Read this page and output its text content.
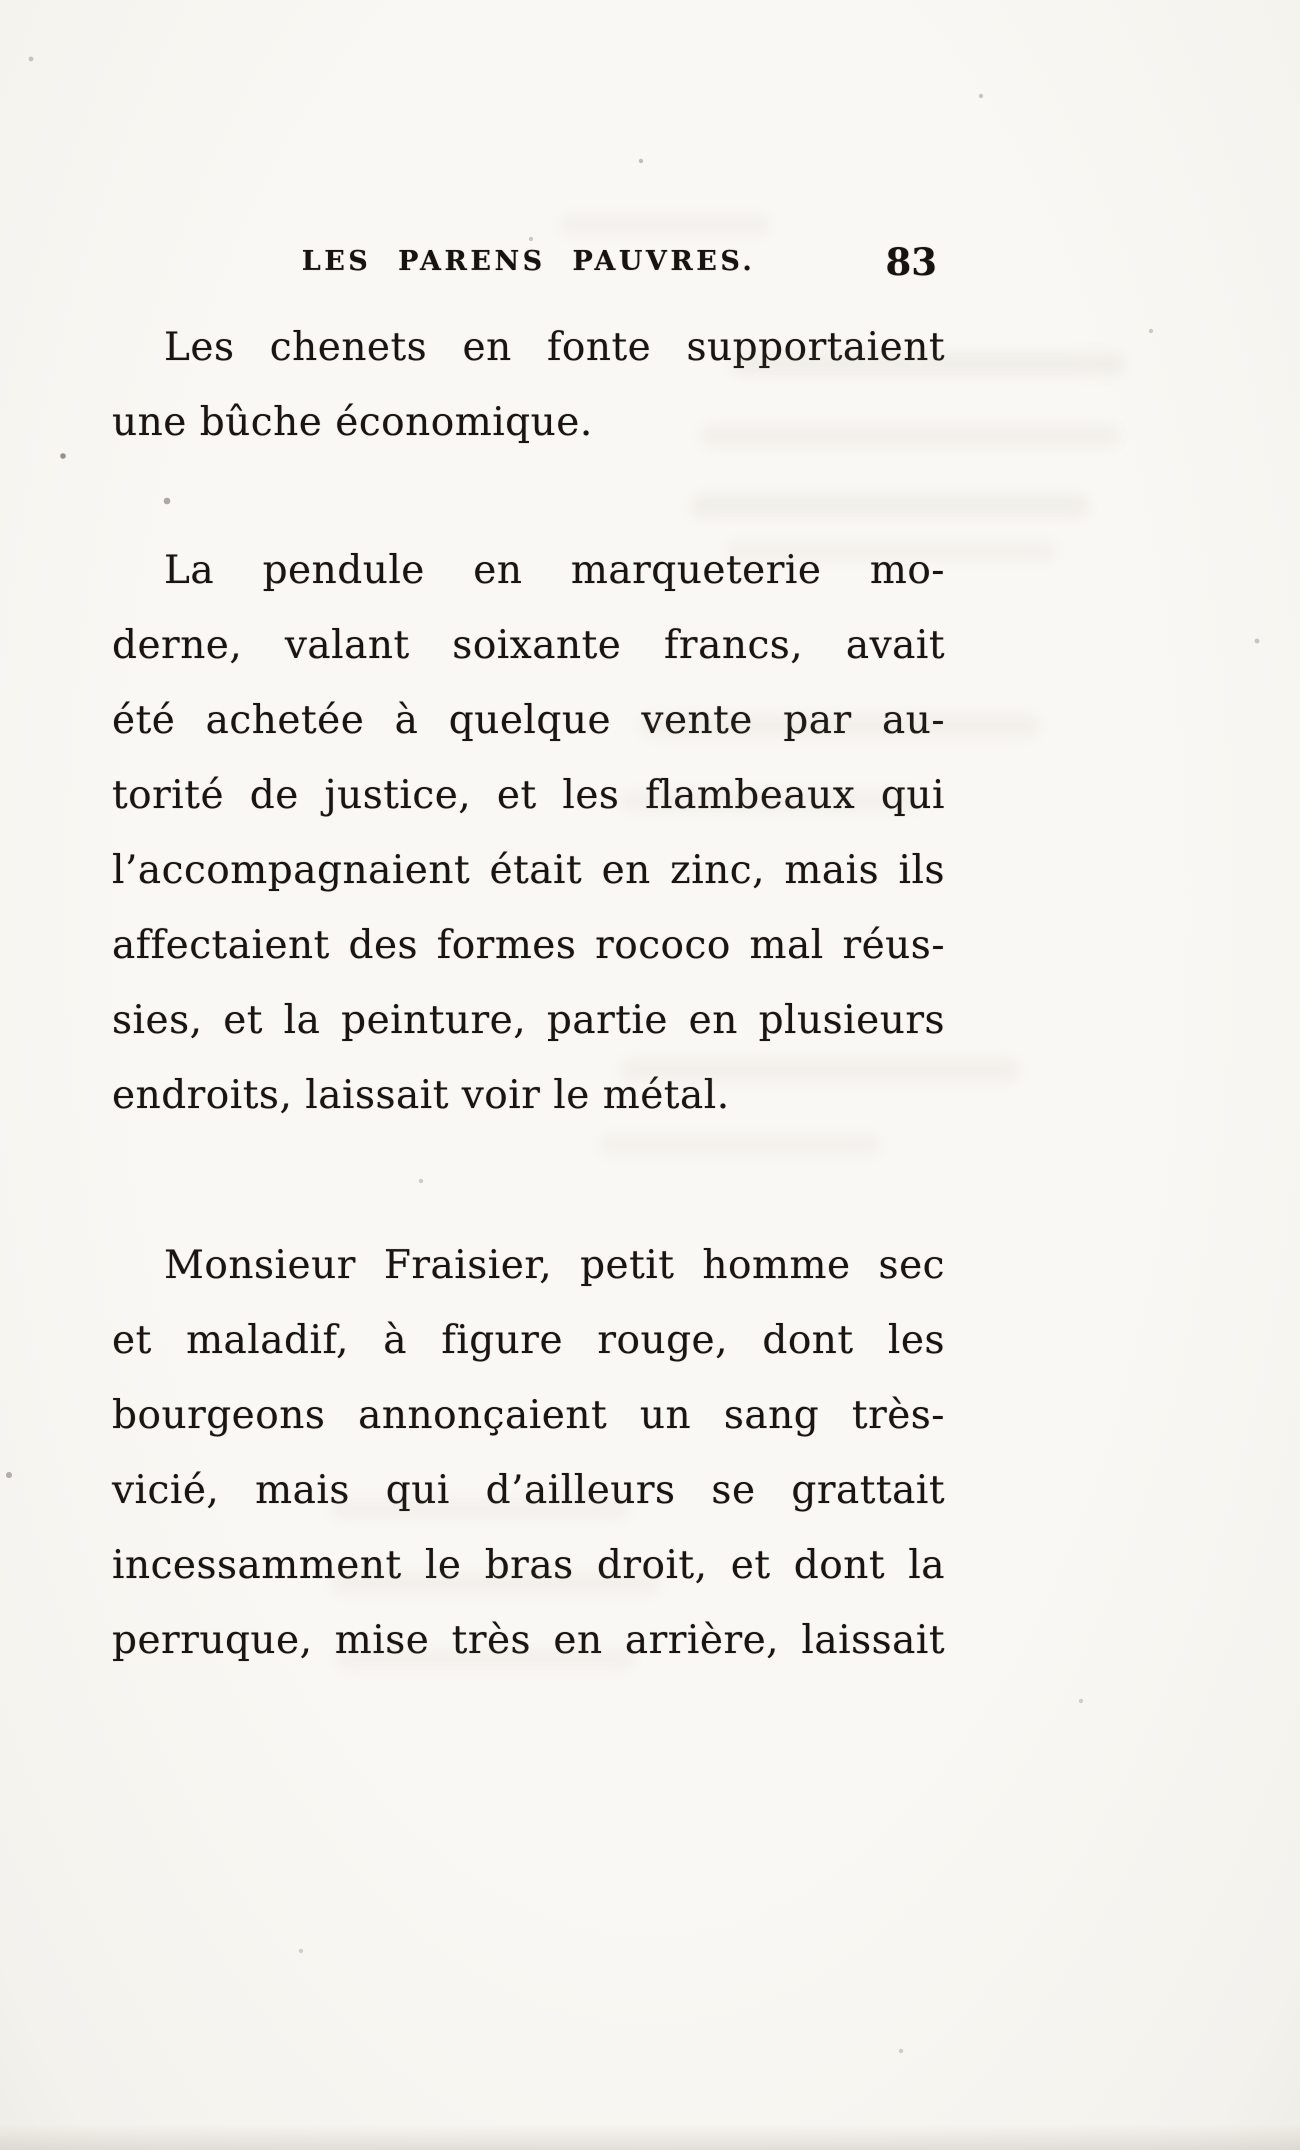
LES PARENS PAUVRES.	83
Les chenets en fonte supportaient
une bûche économique.
La pendule en marqueterie mo-
derne, valant soixante francs, avait
été achetée à quelque vente par au-
torité de justice, et les flambeaux qui
l’accompagnaient était en zinc, mais ils
affectaient des formes rococo mal réus-
sies, et la peinture, partie en plusieurs
endroits, laissait voir le métal.
Monsieur Fraisier, petit homme sec
et maladif, à figure rouge, dont les
bourgeons annonçaient un sang très-
vicié, mais qui d’ailleurs se grattait
incessamment le bras droit, et dont la
perruque, mise très en arrière, laissait
